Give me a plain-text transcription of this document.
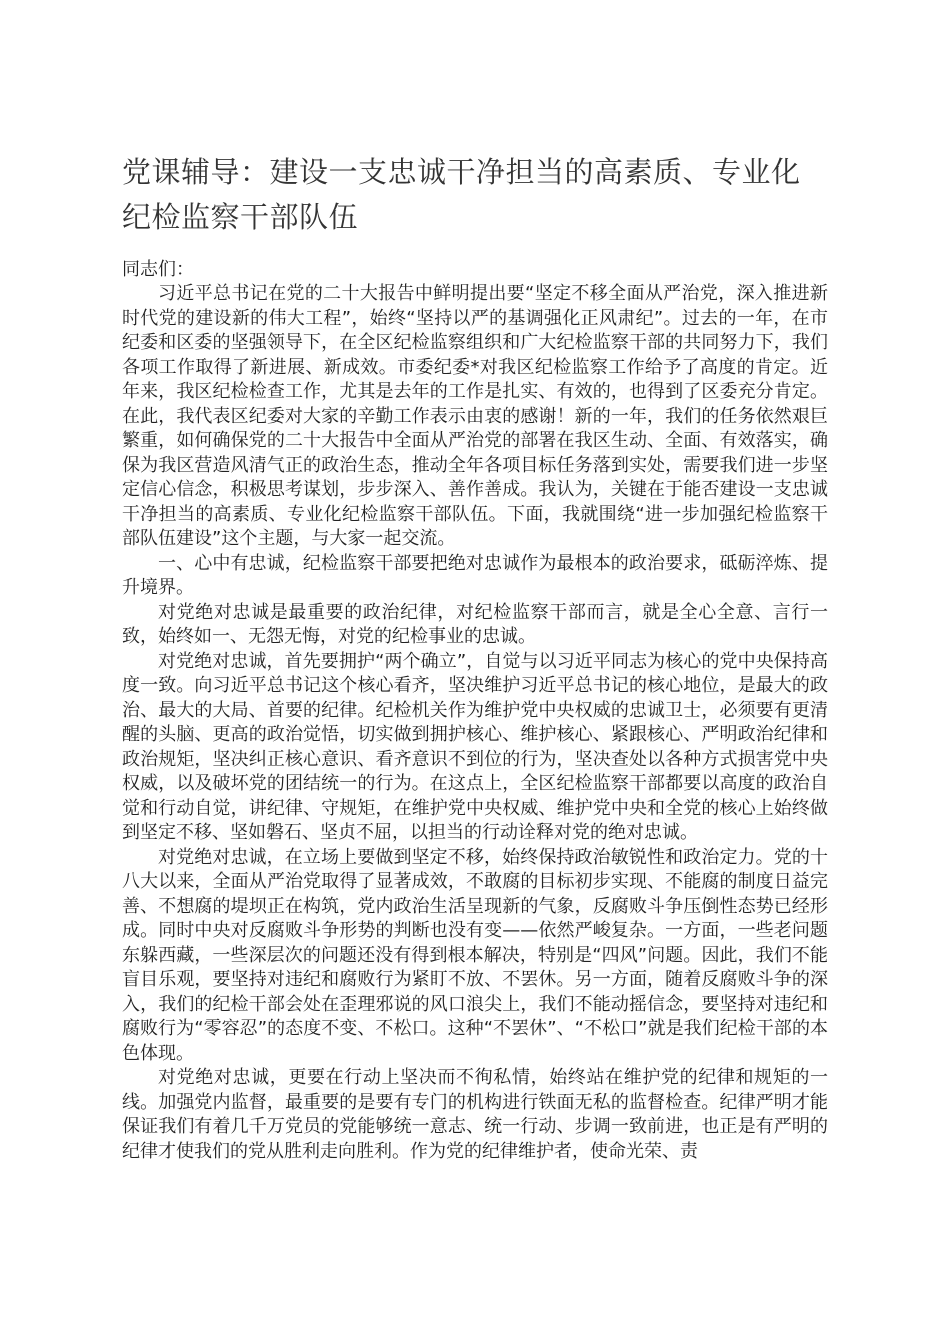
党课辅导：建设一支忠诚干净担当的高素质、专业化纪检监察干部队伍

同志们：

习近平总书记在党的二十大报告中鲜明提出要“坚定不移全面从严治党，深入推进新时代党的建设新的伟大工程”，始终“坚持以严的基调强化正风肃纪”。过去的一年，在市纪委和区委的坚强领导下，在全区纪检监察组织和广大纪检监察干部的共同努力下，我们各项工作取得了新进展、新成效。市委纪委*对我区纪检监察工作给予了高度的肯定。近年来，我区纪检检查工作，尤其是去年的工作是扎实、有效的，也得到了区委充分肯定。在此，我代表区纪委对大家的辛勤工作表示由衷的感谢！新的一年，我们的任务依然艰巨繁重，如何确保党的二十大报告中全面从严治党的部署在我区生动、全面、有效落实，确保为我区营造风清气正的政治生态，推动全年各项目标任务落到实处，需要我们进一步坚定信心信念，积极思考谋划，步步深入、善作善成。我认为，关键在于能否建设一支忠诚干净担当的高素质、专业化纪检监察干部队伍。下面，我就围绕“进一步加强纪检监察干部队伍建设”这个主题，与大家一起交流。

一、心中有忠诚，纪检监察干部要把绝对忠诚作为最根本的政治要求，砥砺淬炼、提升境界。

对党绝对忠诚是最重要的政治纪律，对纪检监察干部而言，就是全心全意、言行一致，始终如一、无怨无悔，对党的纪检事业的忠诚。

对党绝对忠诚，首先要拥护“两个确立”，自觉与以习近平同志为核心的党中央保持高度一致。向习近平总书记这个核心看齐，坚决维护习近平总书记的核心地位，是最大的政治、最大的大局、首要的纪律。纪检机关作为维护党中央权威的忠诚卫士，必须要有更清醒的头脑、更高的政治觉悟，切实做到拥护核心、维护核心、紧跟核心、严明政治纪律和政治规矩，坚决纠正核心意识、看齐意识不到位的行为，坚决查处以各种方式损害党中央权威，以及破坏党的团结统一的行为。在这点上，全区纪检监察干部都要以高度的政治自觉和行动自觉，讲纪律、守规矩，在维护党中央权威、维护党中央和全党的核心上始终做到坚定不移、坚如磐石、坚贞不屈，以担当的行动诠释对党的绝对忠诚。

对党绝对忠诚，在立场上要做到坚定不移，始终保持政治敏锐性和政治定力。党的十八大以来，全面从严治党取得了显著成效，不敢腐的目标初步实现、不能腐的制度日益完善、不想腐的堤坝正在构筑，党内政治生活呈现新的气象，反腐败斗争压倒性态势已经形成。同时中央对反腐败斗争形势的判断也没有变——依然严峻复杂。一方面，一些老问题东躲西藏，一些深层次的问题还没有得到根本解决，特别是“四风”问题。因此，我们不能盲目乐观，要坚持对违纪和腐败行为紧盯不放、不罢休。另一方面，随着反腐败斗争的深入，我们的纪检干部会处在歪理邪说的风口浪尖上，我们不能动摇信念，要坚持对违纪和腐败行为“零容忍”的态度不变、不松口。这种“不罢休”、“不松口”就是我们纪检干部的本色体现。

对党绝对忠诚，更要在行动上坚决而不徇私情，始终站在维护党的纪律和规矩的一线。加强党内监督，最重要的是要有专门的机构进行铁面无私的监督检查。纪律严明才能保证我们有着几千万党员的党能够统一意志、统一行动、步调一致前进，也正是有严明的纪律才使我们的党从胜利走向胜利。作为党的纪律维护者，使命光荣、责
